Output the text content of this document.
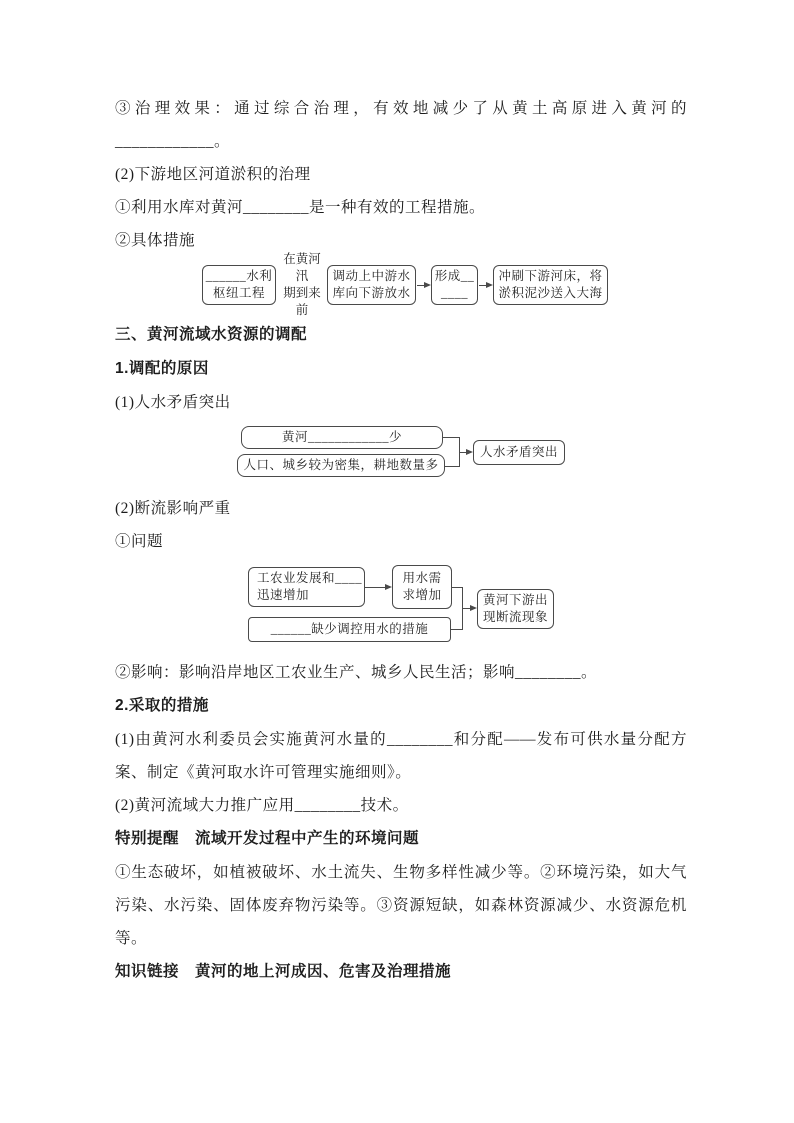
③治理效果：通过综合治理，有效地减少了从黄土高原进入黄河的____________。

(2)下游地区河道淤积的治理

①利用水库对黄河________是一种有效的工程措施。

②具体措施

______水利
枢纽工程
在黄河汛
期到来前
调动上中游水
库向下游放水
形成__
____
冲刷下游河床，将
淤积泥沙送入大海

三、黄河流域水资源的调配

1.调配的原因

(1)人水矛盾突出

黄河____________少
人口、城乡较为密集，耕地数量多
人水矛盾突出

(2)断流影响严重

①问题

工农业发展和____
迅速增加
用水需
求增加
______缺少调控用水的措施
黄河下游出
现断流现象

②影响：影响沿岸地区工农业生产、城乡人民生活；影响________。

2.采取的措施

(1)由黄河水利委员会实施黄河水量的________和分配——发布可供水量分配方案、制定《黄河取水许可管理实施细则》。

(2)黄河流域大力推广应用________技术。

特别提醒 流域开发过程中产生的环境问题

①生态破坏，如植被破坏、水土流失、生物多样性减少等。②环境污染，如大气污染、水污染、固体废弃物污染等。③资源短缺，如森林资源减少、水资源危机等。

知识链接 黄河的地上河成因、危害及治理措施
